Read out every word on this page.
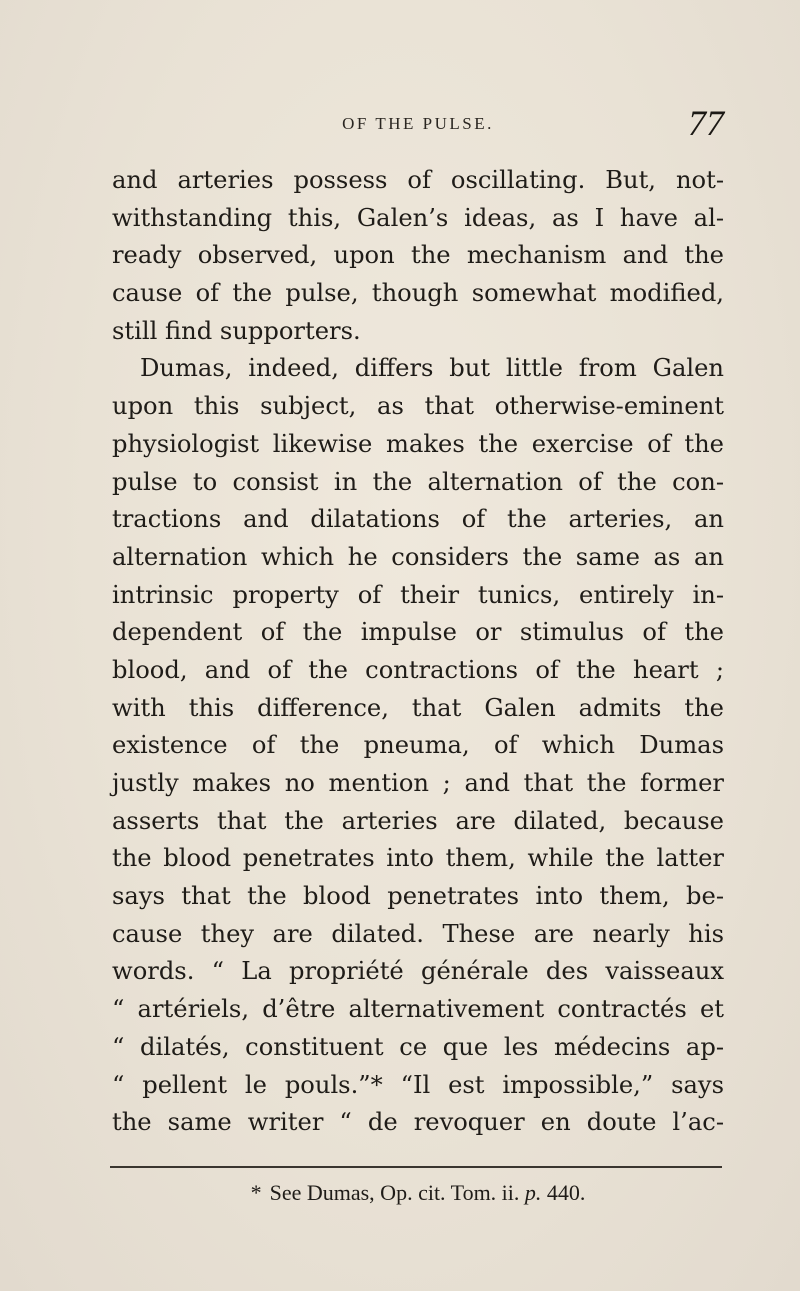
OF THE PULSE.	77
and arteries possess of oscillating. But, not-
withstanding this, Galen’s ideas, as I have al-
ready observed, upon the mechanism and the
cause of the pulse, though somewhat modified,
still find supporters.
Dumas, indeed, differs but little from Galen
upon this subject, as that otherwise-eminent
physiologist likewise makes the exercise of the
pulse to consist in the alternation of the con-
tractions and dilatations of the arteries, an
alternation which he considers the same as an
intrinsic property of their tunics, entirely in-
dependent of the impulse or stimulus of the
blood, and of the contractions of the heart ;
with this difference, that Galen admits the
existence of the pneuma, of which Dumas
justly makes no mention ; and that the former
asserts that the arteries are dilated, because
the blood penetrates into them, while the latter
says that the blood penetrates into them, be-
cause they are dilated. These are nearly his
words. “ La propriété générale des vaisseaux
“ artériels, d’être alternativement contractés et
“ dilatés, constituent ce que les médecins ap-
“ pellent le pouls.”* “Il est impossible,” says
the same writer “ de revoquer en doute l’ac-
* See Dumas, Op. cit. Tom. ii. p. 440.
